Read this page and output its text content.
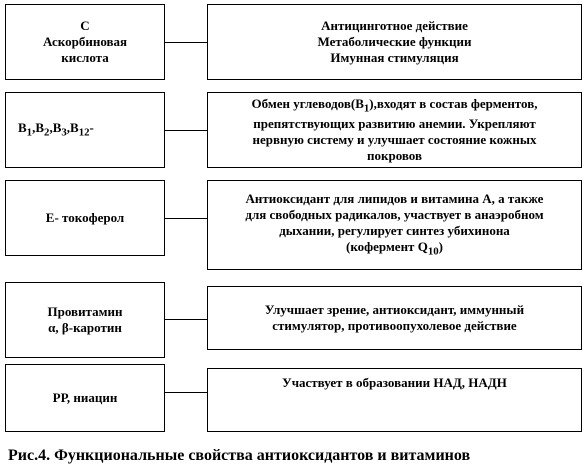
С
Аскорбиновая
кислота
Антицинготное действие
Метаболические функции
Имунная стимуляция
$В_1,В_2,В_3,В_{12}-$
Обмен $углеводов(В_1),входят$ в состав ферментов,
препятствующих развитию анемии. Укрепляют
нервную систему и улучшает состояние кожных
покровов
Е- токоферол
Антиоксидант для липидов и витамина А, а также
для свободных радикалов, участвует в анаэробном
дыхании, регулирует синтез убихинона
(кофермент $Q_{10}$)
Провитамин
α, β-каротин
Улучшает зрение, антиоксидант, иммунный
стимулятор, противоопухолевое действие
РР, ниацин
Участвует в образовании НАД, НАДН
Рис.4. Функциональные свойства антиоксидантов и витаминов
